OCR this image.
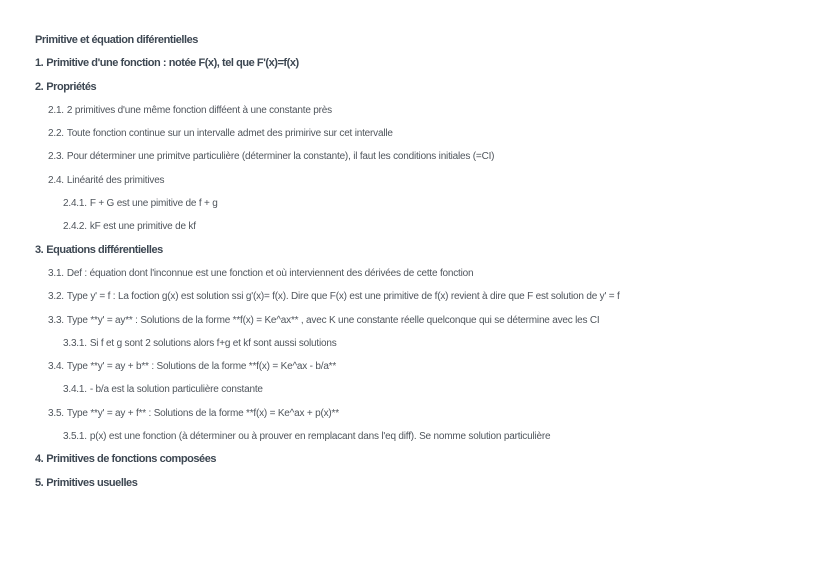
Primitive et équation diférentielles
1. Primitive d'une fonction : notée F(x), tel que F'(x)=f(x)
2. Propriétés
2.1. 2 primitives d'une même fonction difféent à une constante près
2.2. Toute fonction continue sur un intervalle admet des primirive sur cet intervalle
2.3. Pour déterminer une primitve particulière (déterminer la constante), il faut les conditions initiales (=CI)
2.4. Linéarité des primitives
2.4.1. F + G est une pimitive de f + g
2.4.2. kF est une primitive de kf
3. Equations différentielles
3.1. Def : équation dont l'inconnue est une fonction et où interviennent des dérivées de cette fonction
3.2. Type y' = f : La foction g(x) est solution ssi g'(x)= f(x). Dire que F(x) est une primitive de f(x) revient à dire que F est solution de y' = f
3.3. Type **y' = ay** : Solutions de la forme **f(x) = Ke^ax** , avec K une constante réelle quelconque qui se détermine avec les CI
3.3.1. Si f et g sont 2 solutions alors f+g et kf sont aussi solutions
3.4. Type **y' = ay + b** : Solutions de la forme **f(x) = Ke^ax - b/a**
3.4.1. - b/a est la solution particulière constante
3.5. Type **y' = ay + f** : Solutions de la forme **f(x) = Ke^ax + p(x)**
3.5.1. p(x) est une fonction (à déterminer ou à prouver en remplacant dans l'eq diff). Se nomme solution particulière
4. Primitives de fonctions composées
5. Primitives usuelles
